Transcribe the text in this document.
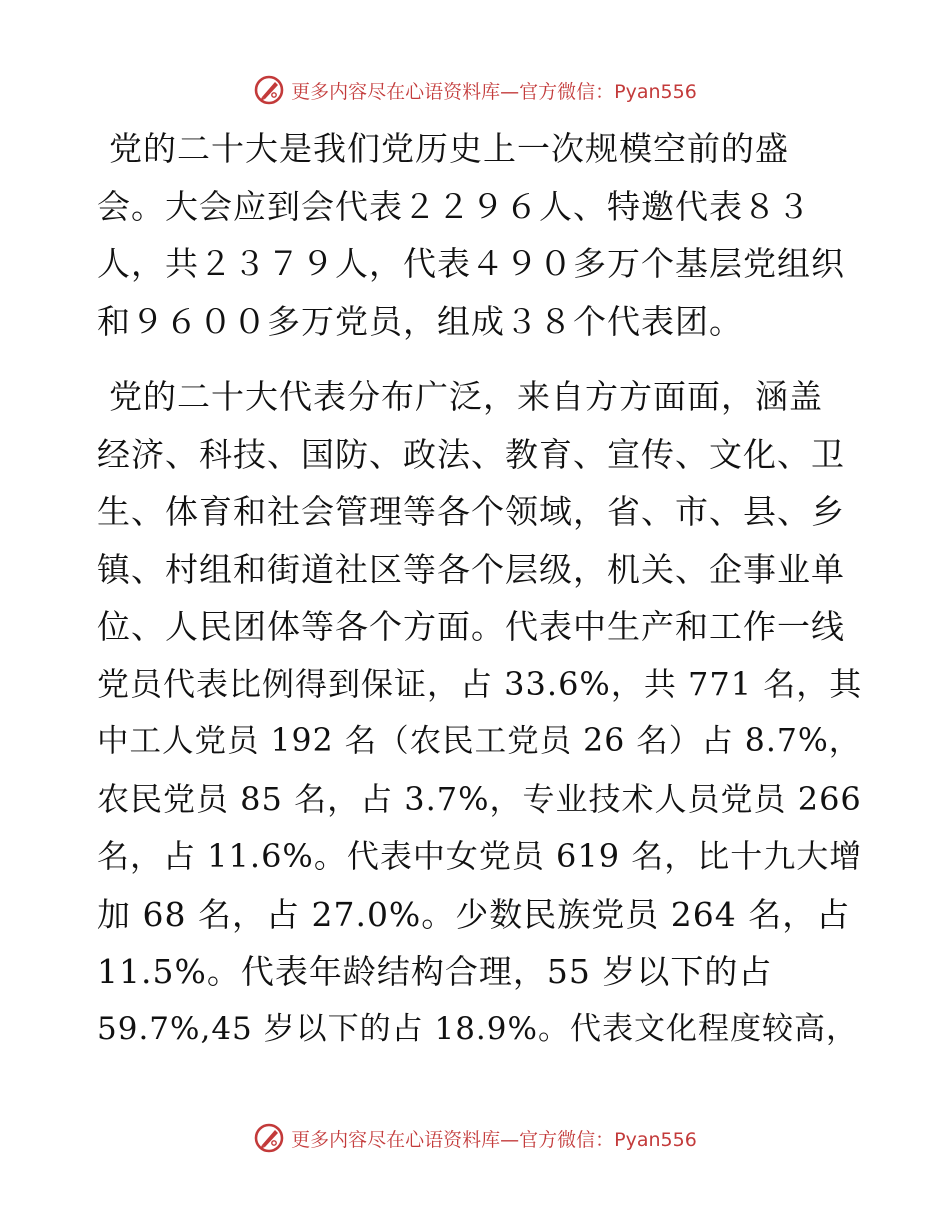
更多内容尽在心语资料库—官方微信：Pyan556
党的二十大是我们党历史上一次规模空前的盛
会。大会应到会代表２２９６人、特邀代表８３
人，共２３７９人，代表４９０多万个基层党组织
和９６００多万党员，组成３８个代表团。
党的二十大代表分布广泛，来自方方面面，涵盖
经济、科技、国防、政法、教育、宣传、文化、卫
生、体育和社会管理等各个领域，省、市、县、乡
镇、村组和街道社区等各个层级，机关、企事业单
位、人民团体等各个方面。代表中生产和工作一线
党员代表比例得到保证，占 33.6%，共 771 名，其
中工人党员 192 名（农民工党员 26 名）占 8.7%，
农民党员 85 名，占 3.7%，专业技术人员党员 266
名，占 11.6%。代表中女党员 619 名，比十九大增
加 68 名，占 27.0%。少数民族党员 264 名，占
11.5%。代表年龄结构合理，55 岁以下的占
59.7%,45 岁以下的占 18.9%。代表文化程度较高，
更多内容尽在心语资料库—官方微信：Pyan556
